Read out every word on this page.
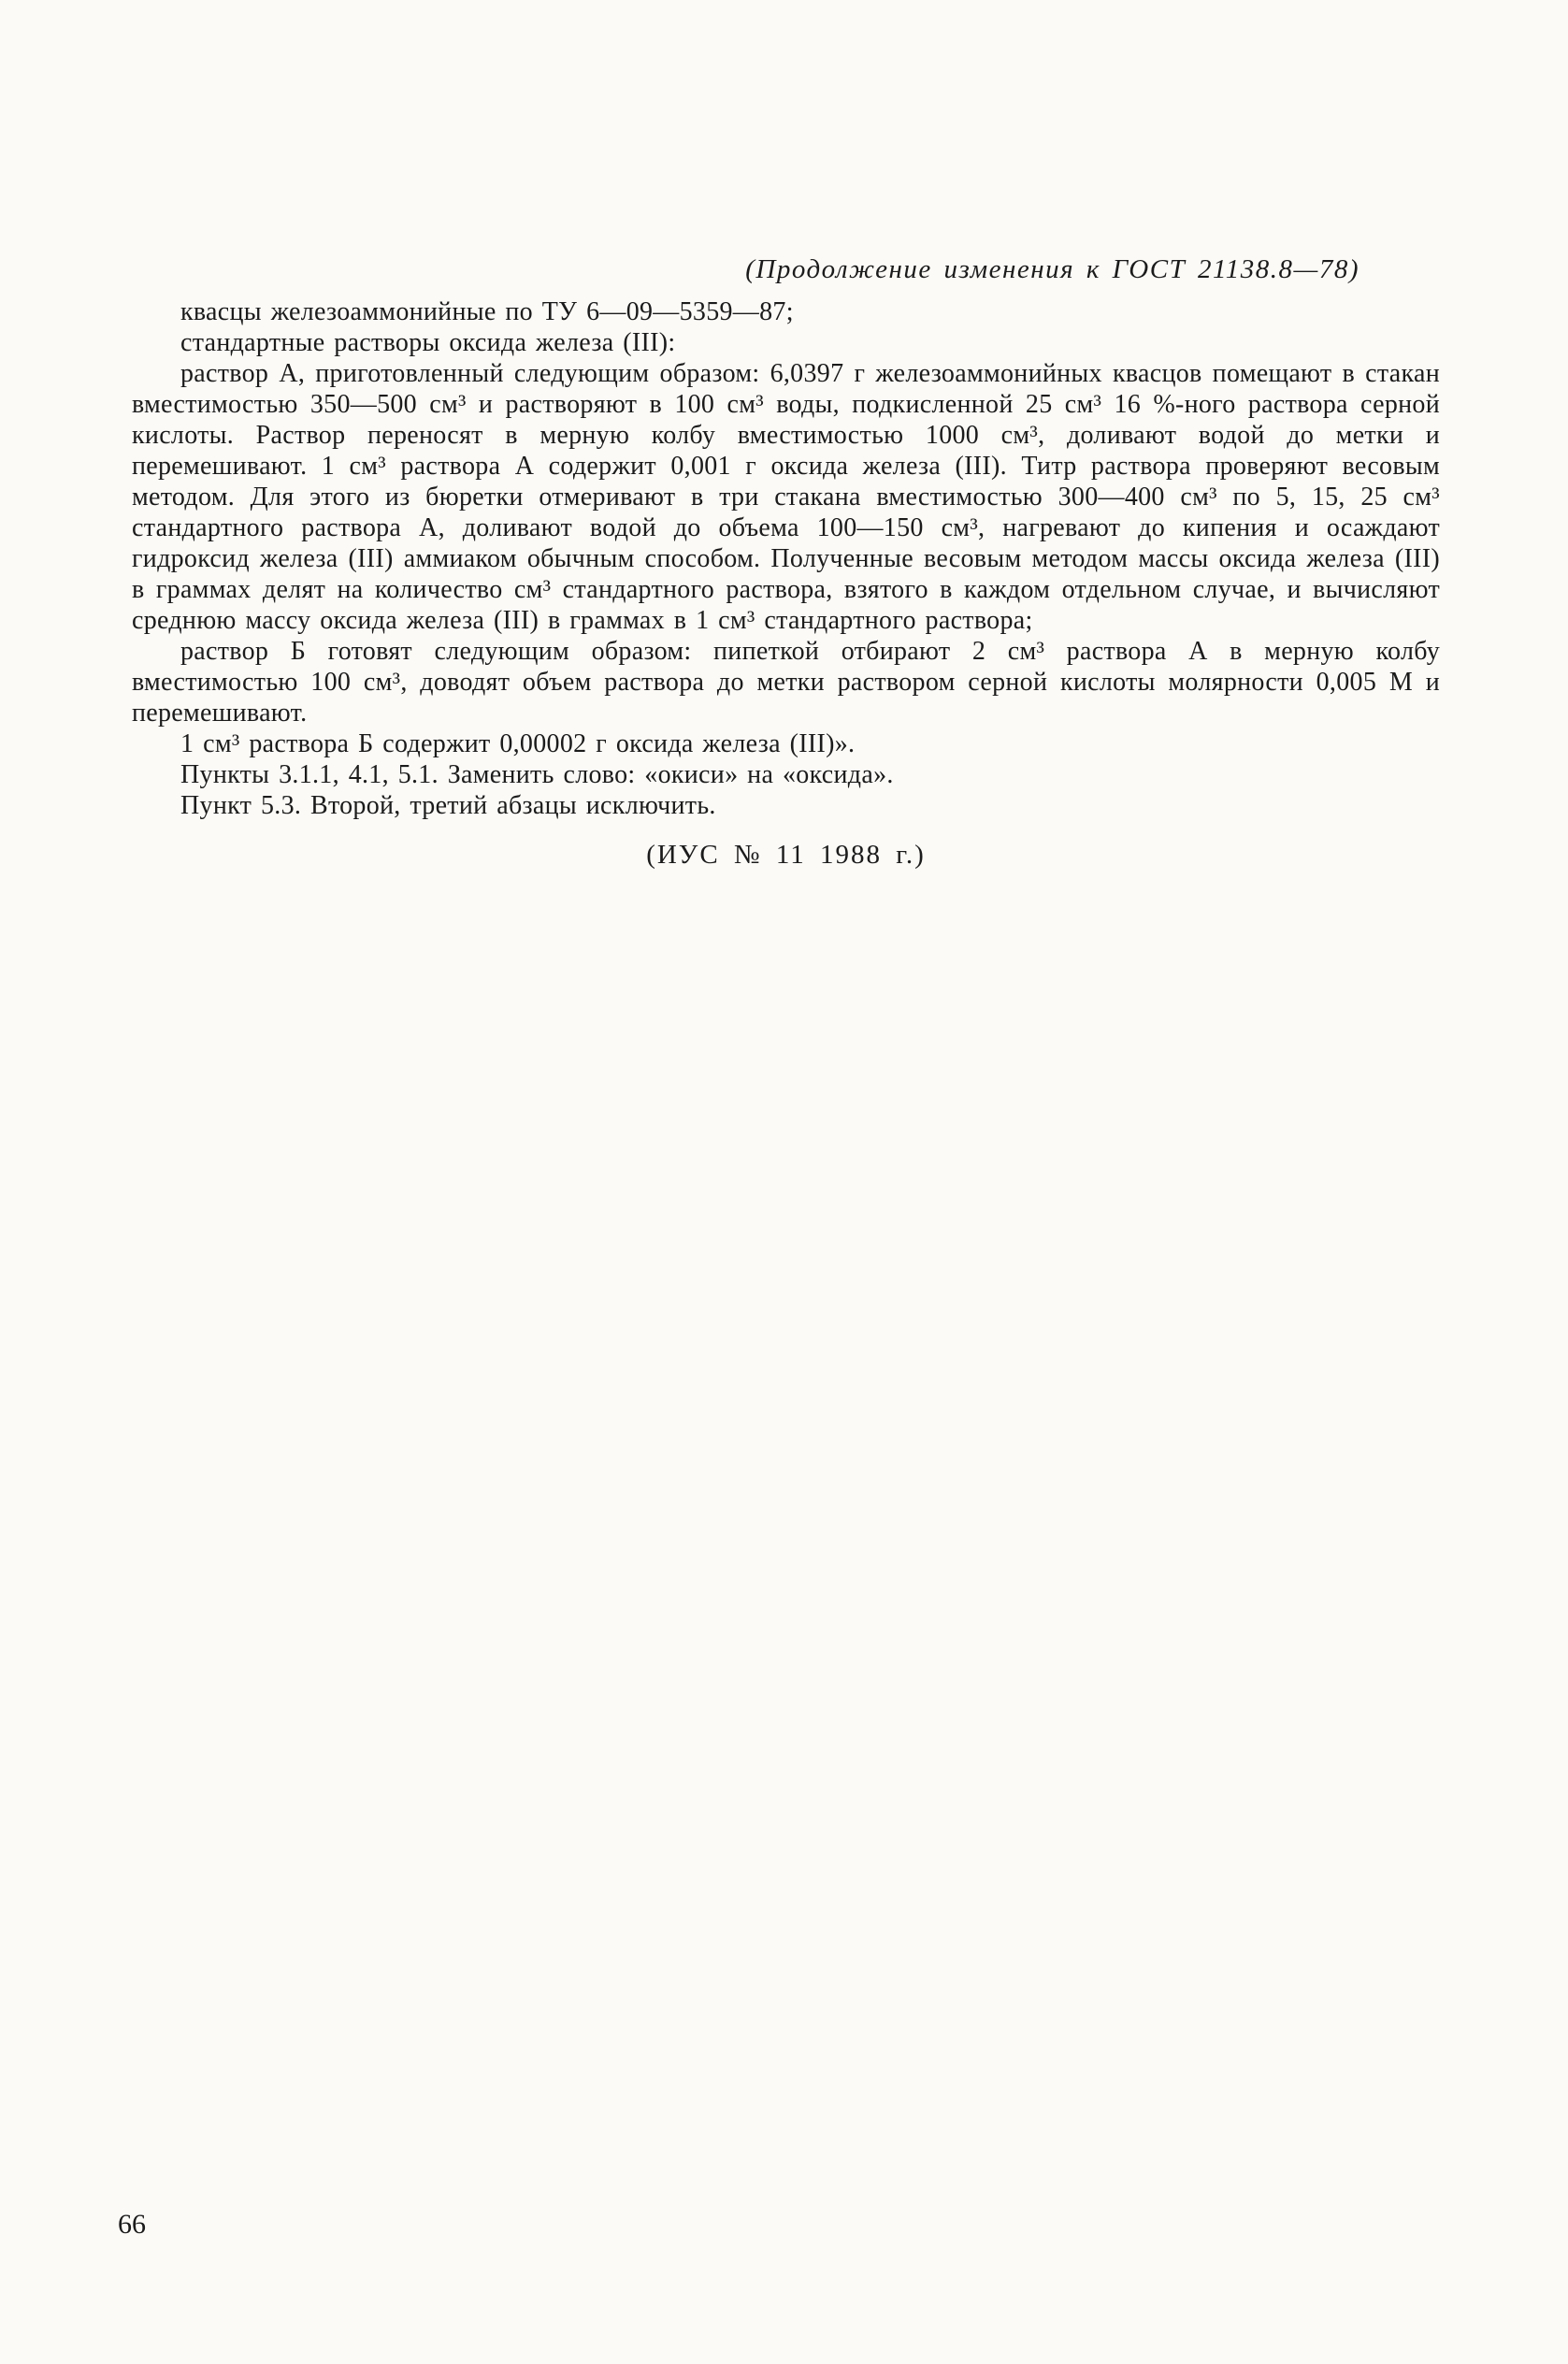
(Продолжение изменения к ГОСТ 21138.8—78)

квасцы железоаммонийные по ТУ 6—09—5359—87;

стандартные растворы оксида железа (III):

раствор А, приготовленный следующим образом: 6,0397 г железоаммонийных квасцов помещают в стакан вместимостью 350—500 см³ и растворяют в 100 см³ воды, подкисленной 25 см³ 16 %-ного раствора серной кислоты. Раствор переносят в мерную колбу вместимостью 1000 см³, доливают водой до метки и перемешивают. 1 см³ раствора А содержит 0,001 г оксида железа (III). Титр раствора проверяют весовым методом. Для этого из бюретки отмеривают в три стакана вместимостью 300—400 см³ по 5, 15, 25 см³ стандартного раствора А, доливают водой до объема 100—150 см³, нагревают до кипения и осаждают гидроксид железа (III) аммиаком обычным способом. Полученные весовым методом массы оксида железа (III) в граммах делят на количество см³ стандартного раствора, взятого в каждом отдельном случае, и вычисляют среднюю массу оксида железа (III) в граммах в 1 см³ стандартного раствора;

раствор Б готовят следующим образом: пипеткой отбирают 2 см³ раствора А в мерную колбу вместимостью 100 см³, доводят объем раствора до метки раствором серной кислоты молярности 0,005 М и перемешивают.

1 см³ раствора Б содержит 0,00002 г оксида железа (III)».

Пункты 3.1.1, 4.1, 5.1. Заменить слово: «окиси» на «оксида».

Пункт 5.3. Второй, третий абзацы исключить.

(ИУС № 11 1988 г.)
66
